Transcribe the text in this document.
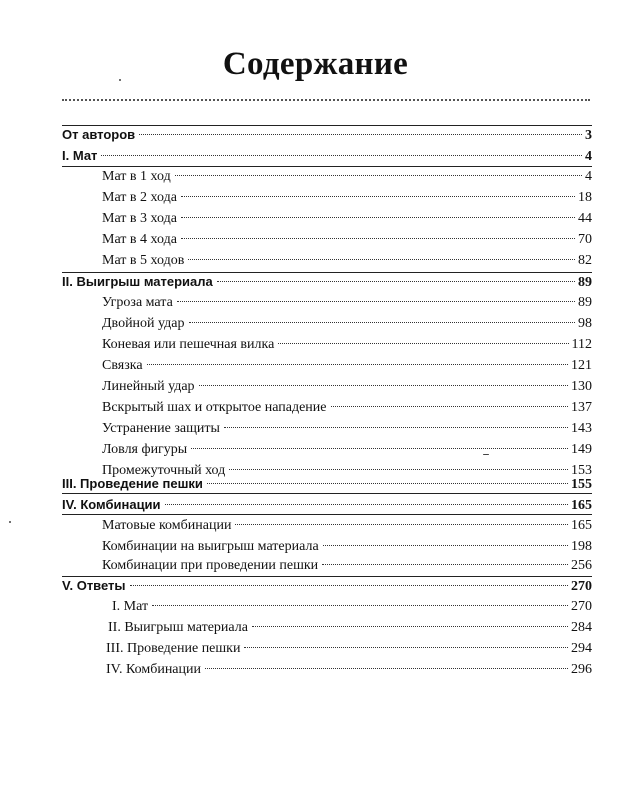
Содержание
От авторов	3
I. Мат	4
Мат в 1 ход	4
Мат в 2 хода	18
Мат в 3 хода	44
Мат в 4 хода	70
Мат в 5 ходов	82
II. Выигрыш материала	89
Угроза мата	89
Двойной удар	98
Коневая или пешечная вилка	112
Связка	121
Линейный удар	130
Вскрытый шах и открытое нападение	137
Устранение защиты	143
Ловля фигуры	149
Промежуточный ход	153
III. Проведение пешки	155
IV. Комбинации	165
Матовые комбинации	165
Комбинации на выигрыш материала	198
Комбинации при проведении пешки	256
V. Ответы	270
I. Мат	270
II. Выигрыш материала	284
III. Проведение пешки	294
IV. Комбинации	296
